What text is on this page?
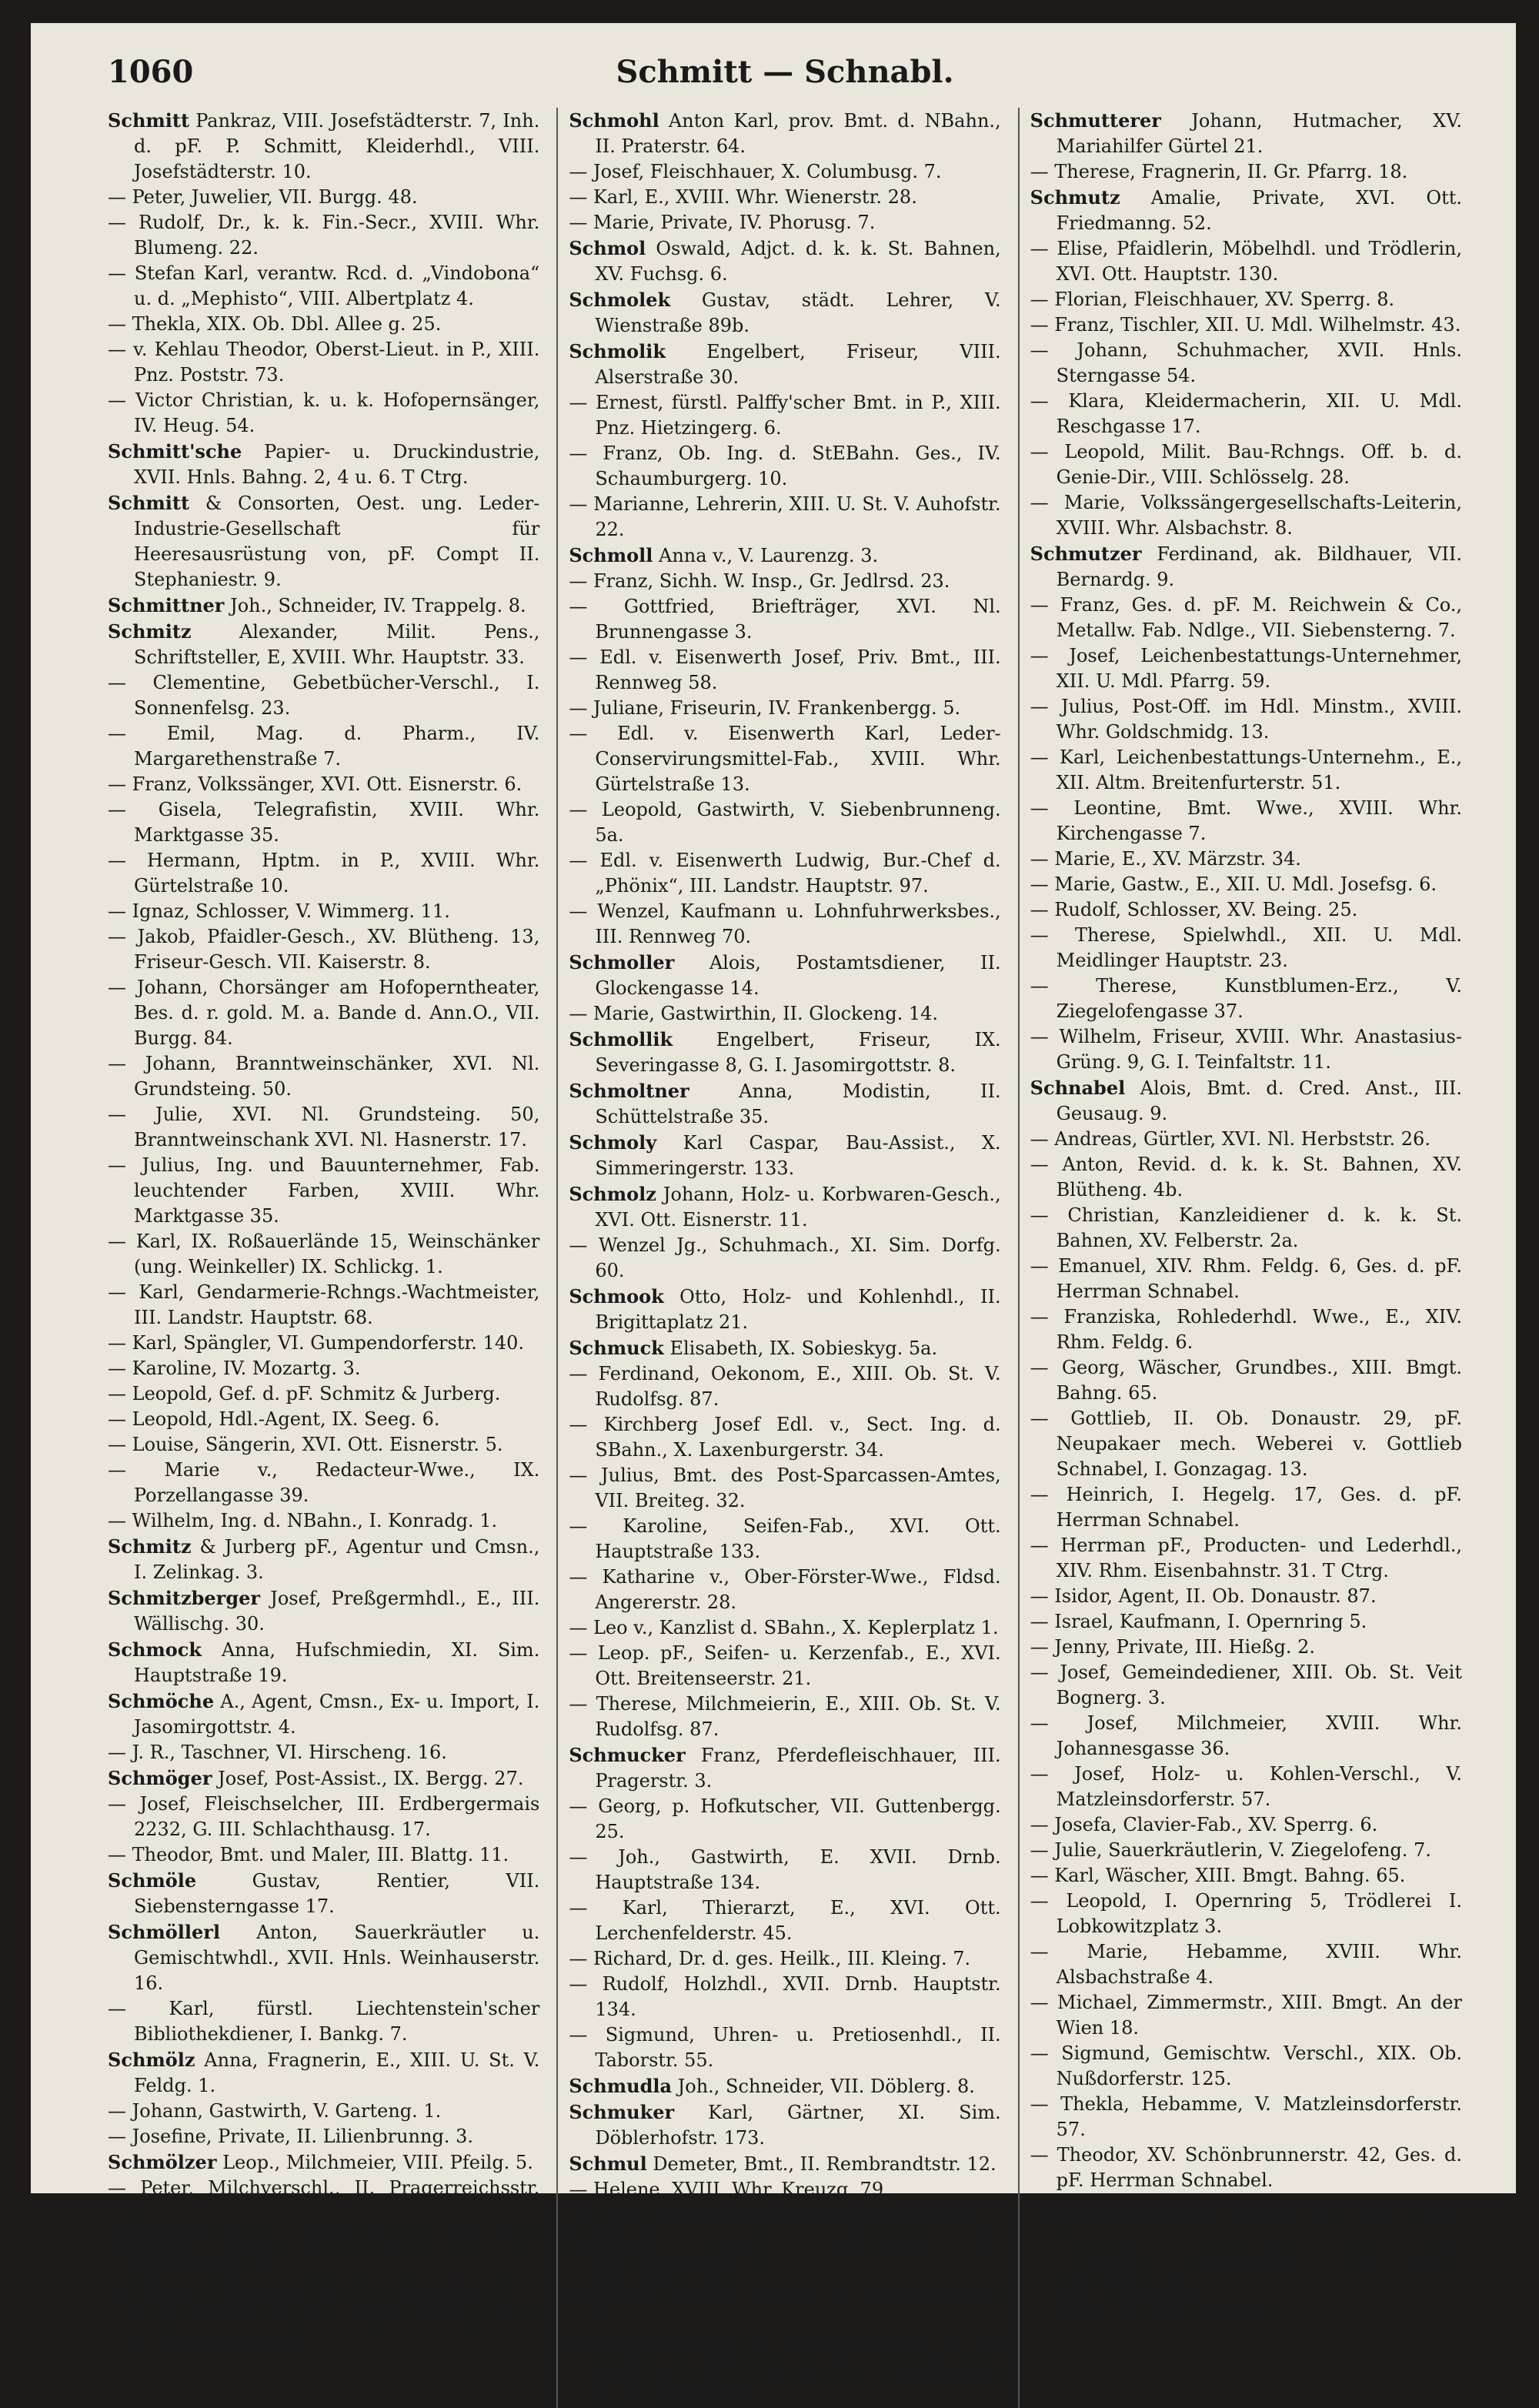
1060	Schmitt — Schnabl.
Schmitt Pankraz, VIII. Josefstädterstr. 7, Inh. d. pF. P. Schmitt, Kleiderhdl., VIII. Josefstädterstr. 10.
— Peter, Juwelier, VII. Burgg. 48.
— Rudolf, Dr., k. k. Fin.-Secr., XVIII. Whr. Blumeng. 22.
— Stefan Karl, verantw. Rcd. d. „Vindobona“ u. d. „Mephisto“, VIII. Albertplatz 4.
— Thekla, XIX. Ob. Dbl. Allee g. 25.
— v. Kehlau Theodor, Oberst-Lieut. in P., XIII. Pnz. Poststr. 73.
— Victor Christian, k. u. k. Hofopernsänger, IV. Heug. 54.
Schmitt'sche Papier- u. Druckindustrie, XVII. Hnls. Bahng. 2, 4 u. 6. T Ctrg.
Schmitt & Consorten, Oest. ung. Leder-Industrie-Gesellschaft für Heeresausrüstung von, pF. Compt II. Stephaniestr. 9.
Schmittner Joh., Schneider, IV. Trappelg. 8.
Schmitz Alexander, Milit. Pens., Schriftsteller, E, XVIII. Whr. Hauptstr. 33.
— Clementine, Gebetbücher-Verschl., I. Sonnenfelsg. 23.
— Emil, Mag. d. Pharm., IV. Margarethenstraße 7.
— Franz, Volkssänger, XVI. Ott. Eisnerstr. 6.
— Gisela, Telegrafistin, XVIII. Whr. Marktgasse 35.
— Hermann, Hptm. in P., XVIII. Whr. Gürtelstraße 10.
— Ignaz, Schlosser, V. Wimmerg. 11.
— Jakob, Pfaidler-Gesch., XV. Blütheng. 13, Friseur-Gesch. VII. Kaiserstr. 8.
— Johann, Chorsänger am Hofoperntheater, Bes. d. r. gold. M. a. Bande d. Ann.O., VII. Burgg. 84.
— Johann, Branntweinschänker, XVI. Nl. Grundsteing. 50.
— Julie, XVI. Nl. Grundsteing. 50, Branntweinschank XVI. Nl. Hasnerstr. 17.
— Julius, Ing. und Bauunternehmer, Fab. leuchtender Farben, XVIII. Whr. Marktgasse 35.
— Karl, IX. Roßauerlände 15, Weinschänker (ung. Weinkeller) IX. Schlickg. 1.
— Karl, Gendarmerie-Rchngs.-Wachtmeister, III. Landstr. Hauptstr. 68.
— Karl, Spängler, VI. Gumpendorferstr. 140.
— Karoline, IV. Mozartg. 3.
— Leopold, Gef. d. pF. Schmitz & Jurberg.
— Leopold, Hdl.-Agent, IX. Seeg. 6.
— Louise, Sängerin, XVI. Ott. Eisnerstr. 5.
— Marie v., Redacteur-Wwe., IX. Porzellangasse 39.
— Wilhelm, Ing. d. NBahn., I. Konradg. 1.
Schmitz & Jurberg pF., Agentur und Cmsn., I. Zelinkag. 3.
Schmitzberger Josef, Preßgermhdl., E., III. Wällischg. 30.
Schmock Anna, Hufschmiedin, XI. Sim. Hauptstraße 19.
Schmöche A., Agent, Cmsn., Ex- u. Import, I. Jasomirgottstr. 4.
— J. R., Taschner, VI. Hirscheng. 16.
Schmöger Josef, Post-Assist., IX. Bergg. 27.
— Josef, Fleischselcher, III. Erdbergermais 2232, G. III. Schlachthausg. 17.
— Theodor, Bmt. und Maler, III. Blattg. 11.
Schmöle Gustav, Rentier, VII. Siebensterngasse 17.
Schmöllerl Anton, Sauerkräutler u. Gemischtwhdl., XVII. Hnls. Weinhauserstr. 16.
— Karl, fürstl. Liechtenstein'scher Bibliothekdiener, I. Bankg. 7.
Schmölz Anna, Fragnerin, E., XIII. U. St. V. Feldg. 1.
— Johann, Gastwirth, V. Garteng. 1.
— Josefine, Private, II. Lilienbrunng. 3.
Schmölzer Leop., Milchmeier, VIII. Pfeilg. 5.
— Peter, Milchverschl., II. Pragerreichsstr. 11.
Schmohl Aloisia, Kaffeeschank, XVI. Ott. Elisabethg. 14.
— Aloisia, Hebamme, XI. Sim. Hauptstr. 43.
— Anton, Fleischselcher, X. Johanniterg. 4, G. X. Himbergerstr. 1.
Schmohl Anton Karl, prov. Bmt. d. NBahn., II. Praterstr. 64.
— Josef, Fleischhauer, X. Columbusg. 7.
— Karl, E., XVIII. Whr. Wienerstr. 28.
— Marie, Private, IV. Phorusg. 7.
Schmol Oswald, Adjct. d. k. k. St. Bahnen, XV. Fuchsg. 6.
Schmolek Gustav, städt. Lehrer, V. Wienstraße 89b.
Schmolik Engelbert, Friseur, VIII. Alserstraße 30.
— Ernest, fürstl. Palffy'scher Bmt. in P., XIII. Pnz. Hietzingerg. 6.
— Franz, Ob. Ing. d. StEBahn. Ges., IV. Schaumburgerg. 10.
— Marianne, Lehrerin, XIII. U. St. V. Auhofstr. 22.
Schmoll Anna v., V. Laurenzg. 3.
— Franz, Sichh. W. Insp., Gr. Jedlrsd. 23.
— Gottfried, Briefträger, XVI. Nl. Brunnengasse 3.
— Edl. v. Eisenwerth Josef, Priv. Bmt., III. Rennweg 58.
— Juliane, Friseurin, IV. Frankenbergg. 5.
— Edl. v. Eisenwerth Karl, Leder-Conservirungsmittel-Fab., XVIII. Whr. Gürtelstraße 13.
— Leopold, Gastwirth, V. Siebenbrunneng. 5a.
— Edl. v. Eisenwerth Ludwig, Bur.-Chef d. „Phönix“, III. Landstr. Hauptstr. 97.
— Wenzel, Kaufmann u. Lohnfuhrwerksbes., III. Rennweg 70.
Schmoller Alois, Postamtsdiener, II. Glockengasse 14.
— Marie, Gastwirthin, II. Glockeng. 14.
Schmollik Engelbert, Friseur, IX. Severingasse 8, G. I. Jasomirgottstr. 8.
Schmoltner Anna, Modistin, II. Schüttelstraße 35.
Schmoly Karl Caspar, Bau-Assist., X. Simmeringerstr. 133.
Schmolz Johann, Holz- u. Korbwaren-Gesch., XVI. Ott. Eisnerstr. 11.
— Wenzel Jg., Schuhmach., XI. Sim. Dorfg. 60.
Schmook Otto, Holz- und Kohlenhdl., II. Brigittaplatz 21.
Schmuck Elisabeth, IX. Sobieskyg. 5a.
— Ferdinand, Oekonom, E., XIII. Ob. St. V. Rudolfsg. 87.
— Kirchberg Josef Edl. v., Sect. Ing. d. SBahn., X. Laxenburgerstr. 34.
— Julius, Bmt. des Post-Sparcassen-Amtes, VII. Breiteg. 32.
— Karoline, Seifen-Fab., XVI. Ott. Hauptstraße 133.
— Katharine v., Ober-Förster-Wwe., Fldsd. Angererstr. 28.
— Leo v., Kanzlist d. SBahn., X. Keplerplatz 1.
— Leop. pF., Seifen- u. Kerzenfab., E., XVI. Ott. Breitenseerstr. 21.
— Therese, Milchmeierin, E., XIII. Ob. St. V. Rudolfsg. 87.
Schmucker Franz, Pferdefleischhauer, III. Pragerstr. 3.
— Georg, p. Hofkutscher, VII. Guttenbergg. 25.
— Joh., Gastwirth, E. XVII. Drnb. Hauptstraße 134.
— Karl, Thierarzt, E., XVI. Ott. Lerchenfelderstr. 45.
— Richard, Dr. d. ges. Heilk., III. Kleing. 7.
— Rudolf, Holzhdl., XVII. Drnb. Hauptstr. 134.
— Sigmund, Uhren- u. Pretiosenhdl., II. Taborstr. 55.
Schmudla Joh., Schneider, VII. Döblerg. 8.
Schmuker Karl, Gärtner, XI. Sim. Döblerhofstr. 173.
Schmul Demeter, Bmt., II. Rembrandtstr. 12.
— Helene, XVIII. Whr. Kreuzg. 79.
— Jakob, Bürstenbinder, IX. Alserbachstr. 2.
Schmula Barth., Schneider, IX. Michelbeuerng. 4.
Schmulz Stefan, Friseur, II. Wittelsbachstr. 3.
Schmutterer Ignaz, Lithograf, Ges. d. pF. Haufler, Schmutterer & Co., Steindrucker, III. Marxerg. 29.
Schmutterer Johann, Hutmacher, XV. Mariahilfer Gürtel 21.
— Therese, Fragnerin, II. Gr. Pfarrg. 18.
Schmutz Amalie, Private, XVI. Ott. Friedmanng. 52.
— Elise, Pfaidlerin, Möbelhdl. und Trödlerin, XVI. Ott. Hauptstr. 130.
— Florian, Fleischhauer, XV. Sperrg. 8.
— Franz, Tischler, XII. U. Mdl. Wilhelmstr. 43.
— Johann, Schuhmacher, XVII. Hnls. Sterngasse 54.
— Klara, Kleidermacherin, XII. U. Mdl. Reschgasse 17.
— Leopold, Milit. Bau-Rchngs. Off. b. d. Genie-Dir., VIII. Schlösselg. 28.
— Marie, Volkssängergesellschafts-Leiterin, XVIII. Whr. Alsbachstr. 8.
Schmutzer Ferdinand, ak. Bildhauer, VII. Bernardg. 9.
— Franz, Ges. d. pF. M. Reichwein & Co., Metallw. Fab. Ndlge., VII. Siebensterng. 7.
— Josef, Leichenbestattungs-Unternehmer, XII. U. Mdl. Pfarrg. 59.
— Julius, Post-Off. im Hdl. Minstm., XVIII. Whr. Goldschmidg. 13.
— Karl, Leichenbestattungs-Unternehm., E., XII. Altm. Breitenfurterstr. 51.
— Leontine, Bmt. Wwe., XVIII. Whr. Kirchengasse 7.
— Marie, E., XV. Märzstr. 34.
— Marie, Gastw., E., XII. U. Mdl. Josefsg. 6.
— Rudolf, Schlosser, XV. Being. 25.
— Therese, Spielwhdl., XII. U. Mdl. Meidlinger Hauptstr. 23.
— Therese, Kunstblumen-Erz., V. Ziegelofengasse 37.
— Wilhelm, Friseur, XVIII. Whr. Anastasius-Grüng. 9, G. I. Teinfaltstr. 11.
Schnabel Alois, Bmt. d. Cred. Anst., III. Geusaug. 9.
— Andreas, Gürtler, XVI. Nl. Herbststr. 26.
— Anton, Revid. d. k. k. St. Bahnen, XV. Blütheng. 4b.
— Christian, Kanzleidiener d. k. k. St. Bahnen, XV. Felberstr. 2a.
— Emanuel, XIV. Rhm. Feldg. 6, Ges. d. pF. Herrman Schnabel.
— Franziska, Rohlederhdl. Wwe., E., XIV. Rhm. Feldg. 6.
— Georg, Wäscher, Grundbes., XIII. Bmgt. Bahng. 65.
— Gottlieb, II. Ob. Donaustr. 29, pF. Neupakaer mech. Weberei v. Gottlieb Schnabel, I. Gonzagag. 13.
— Heinrich, I. Hegelg. 17, Ges. d. pF. Herrman Schnabel.
— Herrman pF., Producten- und Lederhdl., XIV. Rhm. Eisenbahnstr. 31. T Ctrg.
— Isidor, Agent, II. Ob. Donaustr. 87.
— Israel, Kaufmann, I. Opernring 5.
— Jenny, Private, III. Hießg. 2.
— Josef, Gemeindediener, XIII. Ob. St. Veit Bognerg. 3.
— Josef, Milchmeier, XVIII. Whr. Johannesgasse 36.
— Josef, Holz- u. Kohlen-Verschl., V. Matzleinsdorferstr. 57.
— Josefa, Clavier-Fab., XV. Sperrg. 6.
— Julie, Sauerkräutlerin, V. Ziegelofeng. 7.
— Karl, Wäscher, XIII. Bmgt. Bahng. 65.
— Leopold, I. Opernring 5, Trödlerei I. Lobkowitzplatz 3.
— Marie, Hebamme, XVIII. Whr. Alsbachstraße 4.
— Michael, Zimmermstr., XIII. Bmgt. An der Wien 18.
— Sigmund, Gemischtw. Verschl., XIX. Ob. Nußdorferstr. 125.
— Thekla, Hebamme, V. Matzleinsdorferstr. 57.
— Theodor, XV. Schönbrunnerstr. 42, Ges. d. pF. Herrman Schnabel.
Schnabl Alexander, Fiaker, XII. Gdz. Feldg. 4.
— Aloisia, Victualienhdl., XIV. Rhm. Dreihausg. 17.
— Anton, E., III. Baumg. 2.
